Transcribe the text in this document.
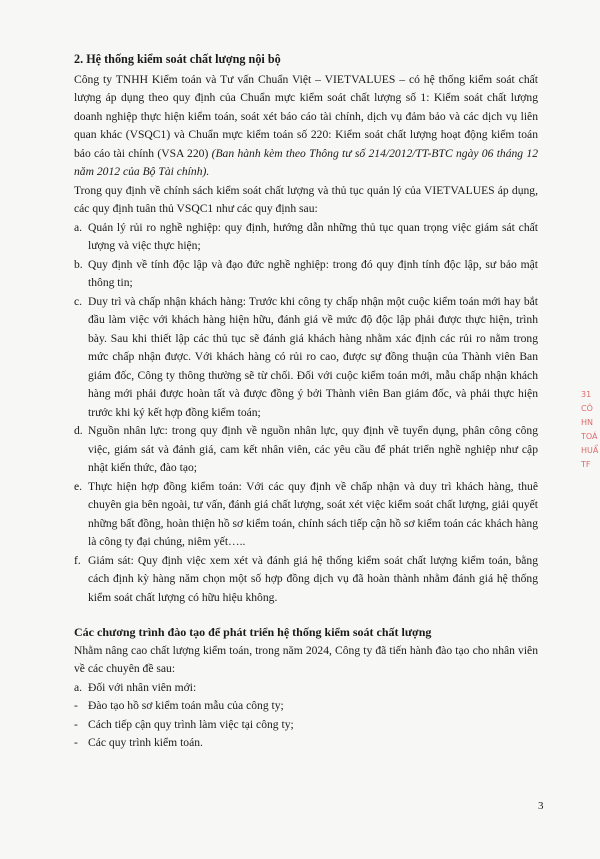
2. Hệ thống kiểm soát chất lượng nội bộ

Công ty TNHH Kiểm toán và Tư vấn Chuẩn Việt – VIETVALUES – có hệ thống kiểm soát chất lượng áp dụng theo quy định của Chuẩn mực kiểm soát chất lượng số 1: Kiểm soát chất lượng doanh nghiệp thực hiện kiểm toán, soát xét báo cáo tài chính, dịch vụ đảm bảo và các dịch vụ liên quan khác (VSQC1) và Chuẩn mực kiểm toán số 220: Kiểm soát chất lượng hoạt động kiểm toán báo cáo tài chính (VSA 220) (Ban hành kèm theo Thông tư số 214/2012/TT-BTC ngày 06 tháng 12 năm 2012 của Bộ Tài chính).

Trong quy định về chính sách kiểm soát chất lượng và thủ tục quản lý của VIETVALUES áp dụng, các quy định tuân thủ VSQC1 như các quy định sau:

a. Quản lý rủi ro nghề nghiệp: quy định, hướng dẫn những thủ tục quan trọng việc giám sát chất lượng và việc thực hiện;
b. Quy định về tính độc lập và đạo đức nghề nghiệp: trong đó quy định tính độc lập, sư bảo mật thông tin;
c. Duy trì và chấp nhận khách hàng: Trước khi công ty chấp nhận một cuộc kiểm toán mới hay bắt đầu làm việc với khách hàng hiện hữu, đánh giá về mức độ độc lập phải được thực hiện, trình bày. Sau khi thiết lập các thủ tục sẽ đánh giá khách hàng nhằm xác định các rủi ro nằm trong mức chấp nhận được. Với khách hàng có rủi ro cao, được sự đồng thuận của Thành viên Ban giám đốc, Công ty thông thường sẽ từ chối. Đối với cuộc kiểm toán mới, mẫu chấp nhận khách hàng mới phải được hoàn tất và được đồng ý bởi Thành viên Ban giám đốc, và phải thực hiện trước khi ký kết hợp đồng kiểm toán;
d. Nguồn nhân lực: trong quy định về nguồn nhân lực, quy định về tuyển dụng, phân công công việc, giám sát và đánh giá, cam kết nhân viên, các yêu cầu để phát triển nghề nghiệp như cập nhật kiến thức, đào tạo;
e. Thực hiện hợp đồng kiểm toán: Với các quy định về chấp nhận và duy trì khách hàng, thuê chuyên gia bên ngoài, tư vấn, đánh giá chất lượng, soát xét việc kiểm soát chất lượng, giải quyết những bất đồng, hoàn thiện hồ sơ kiểm toán, chính sách tiếp cận hồ sơ kiểm toán các khách hàng là công ty đại chúng, niêm yết…..
f. Giám sát: Quy định việc xem xét và đánh giá hệ thống kiểm soát chất lượng kiểm toán, bằng cách định kỳ hàng năm chọn một số hợp đồng dịch vụ đã hoàn thành nhằm đánh giá hệ thống kiểm soát chất lượng có hữu hiệu không.
Các chương trình đào tạo để phát triển hệ thống kiểm soát chất lượng

Nhằm nâng cao chất lượng kiểm toán, trong năm 2024, Công ty đã tiến hành đào tạo cho nhân viên về các chuyên đề sau:

a. Đối với nhân viên mới:
- Đào tạo hồ sơ kiểm toán mẫu của công ty;
- Cách tiếp cận quy trình làm việc tại công ty;
- Các quy trình kiểm toán.
31
CÔ
HN
TOÁ
HUẨ
TF
3
